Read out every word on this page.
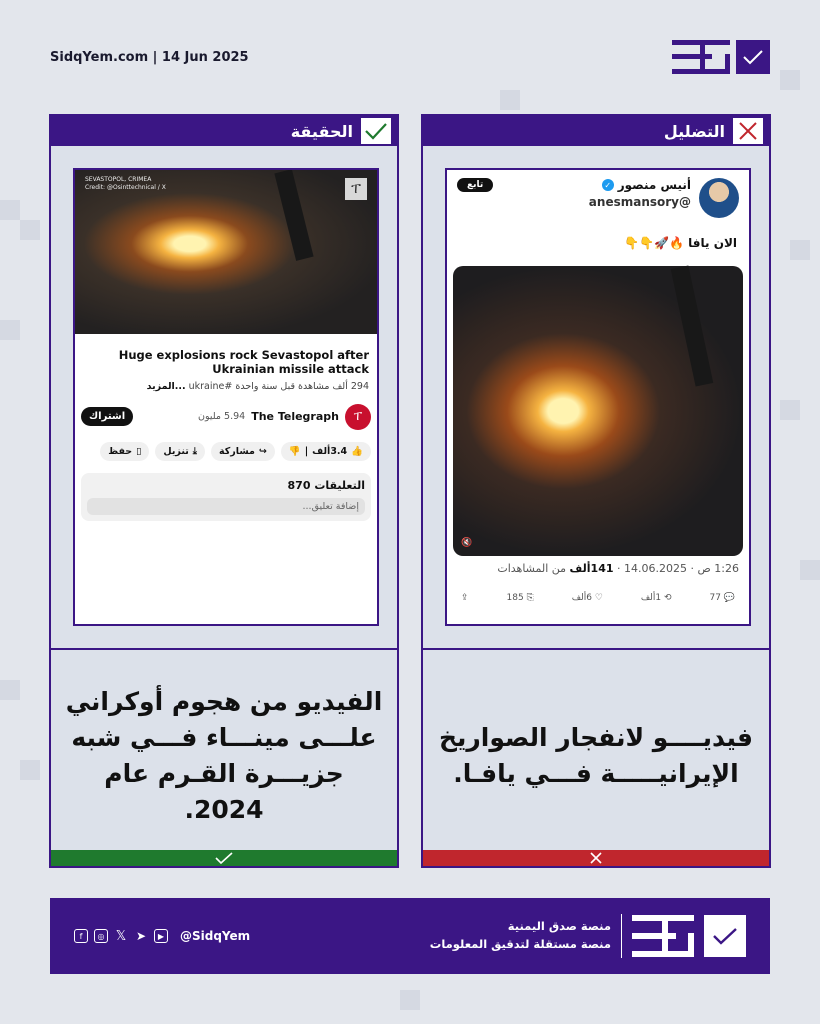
SidqYem.com | 14 Jun 2025
الحقيقة
SEVASTOPOL, CRIMEA
Credit: @Osinttechnical / X	ፐ
Huge explosions rock Sevastopol after Ukrainian missile attack
294 ألف مشاهدة قبل سنة واحدة #ukraine ...المزيد
ፐ
The Telegraph
5.94 مليون
اشتراك
👍
3.4ألف
|
👎
↪
مشاركة
⤓
تنزيل
▯
حفظ
التعليقات 870
إضافة تعليق...
الفيديو من هجوم أوكراني علـــى مينـــاء فـــي شبه جزيـــرة القـرم عام 2024.
التضليل
أنيس منصور
✓
@anesmansory
تابع
الان يافا 🔥🚀👇👇
🔇
1:26 ص · 14.06.2025 · 141ألف من المشاهدات
💬 77
⟲ 1ألف
♡ 6ألف
⎘ 185
⇪
فيديــــو لانفجار الصواريخ الإيرانيـــــة فـــي يافـا.
f	◎ 𝕏 ➤	▶	@SidqYem
منصة صدق اليمنية
منصة مستقلة لتدقيق المعلومات
